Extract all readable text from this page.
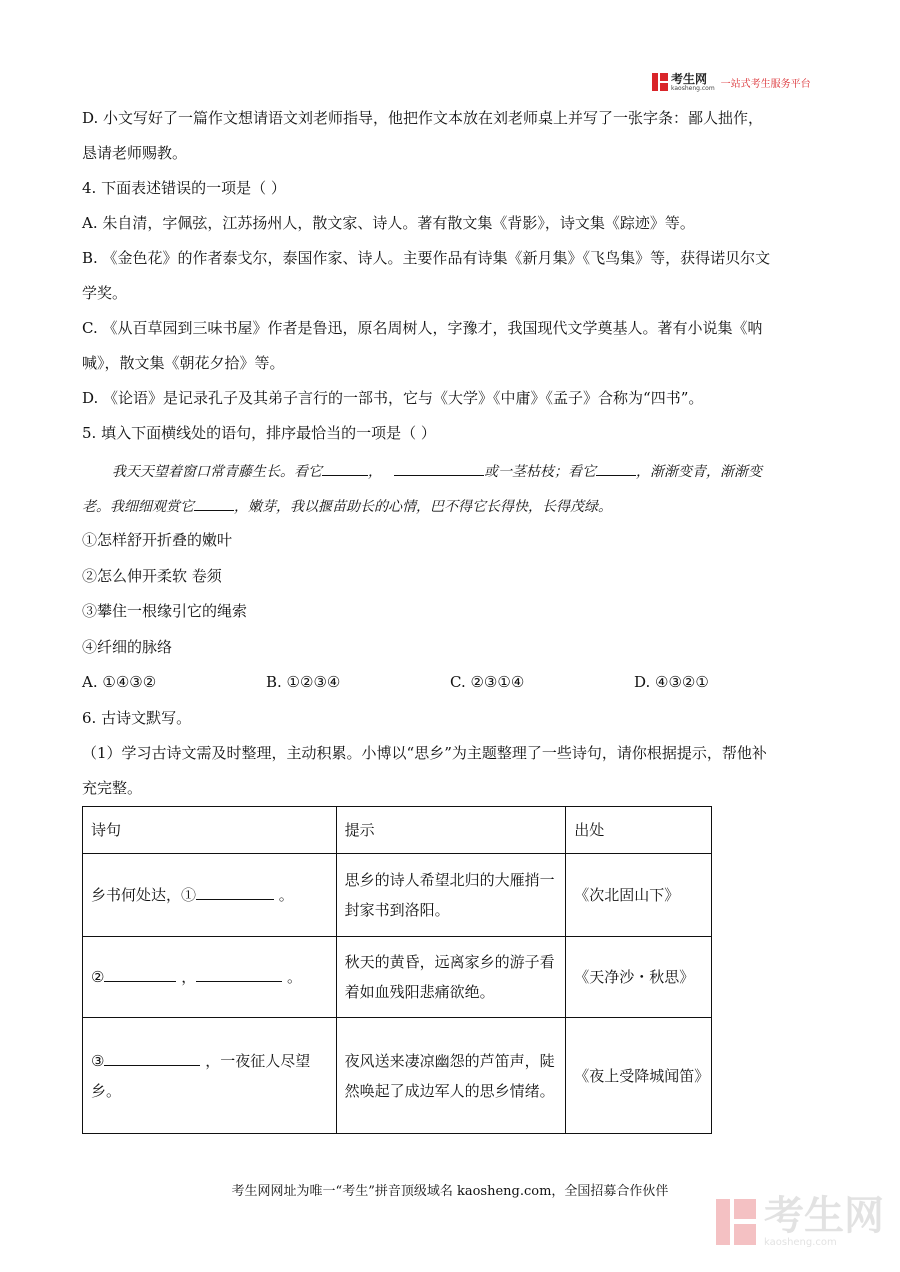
考生网
kaosheng.com 一站式考生服务平台
D. 小文写好了一篇作文想请语文刘老师指导，他把作文本放在刘老师桌上并写了一张字条：鄙人拙作，
恳请老师赐教。
4. 下面表述错误的一项是（ ）
A. 朱自清，字佩弦，江苏扬州人，散文家、诗人。著有散文集《背影》，诗文集《踪迹》等。
B. 《金色花》的作者泰戈尔，泰国作家、诗人。主要作品有诗集《新月集》《飞鸟集》等，获得诺贝尔文
学奖。
C. 《从百草园到三味书屋》作者是鲁迅，原名周树人，字豫才，我国现代文学奠基人。著有小说集《呐
喊》，散文集《朝花夕拾》等。
D. 《论语》是记录孔子及其弟子言行的一部书，它与《大学》《中庸》《孟子》合称为“四书”。
5. 填入下面横线处的语句，排序最恰当的一项是（ ）
我天天望着窗口常青藤生长。看它	，	或一茎枯枝；看它	，渐渐变青，渐渐变
老。我细细观赏它	，嫩芽，我以揠苗助长的心情，巴不得它长得快，长得茂绿。
①怎样舒开折叠的嫩叶
②怎么伸开柔软 卷须
③攀住一根缘引它的绳索
④纤细的脉络
A. ①④③②	B. ①②③④	C. ②③①④	D. ④③②①
6. 古诗文默写。
（1）学习古诗文需及时整理，主动积累。小博以“思乡”为主题整理了一些诗句，请你根据提示，帮他补
充完整。
诗句	提示	出处
乡书何处达，① 。	思乡的诗人希望北归的大雁捎一封家书到洛阳。	《次北固山下》
② ， 。	秋天的黄昏，远离家乡的游子看着如血残阳悲痛欲绝。	《天净沙・秋思》
③ ，一夜征人尽望乡。	夜风送来凄凉幽怨的芦笛声，陡然唤起了成边军人的思乡情绪。	《夜上受降城闻笛》
考生网网址为唯一“考生”拼音顶级域名 kaosheng.com，全国招募合作伙伴
考生网
kaosheng.com
